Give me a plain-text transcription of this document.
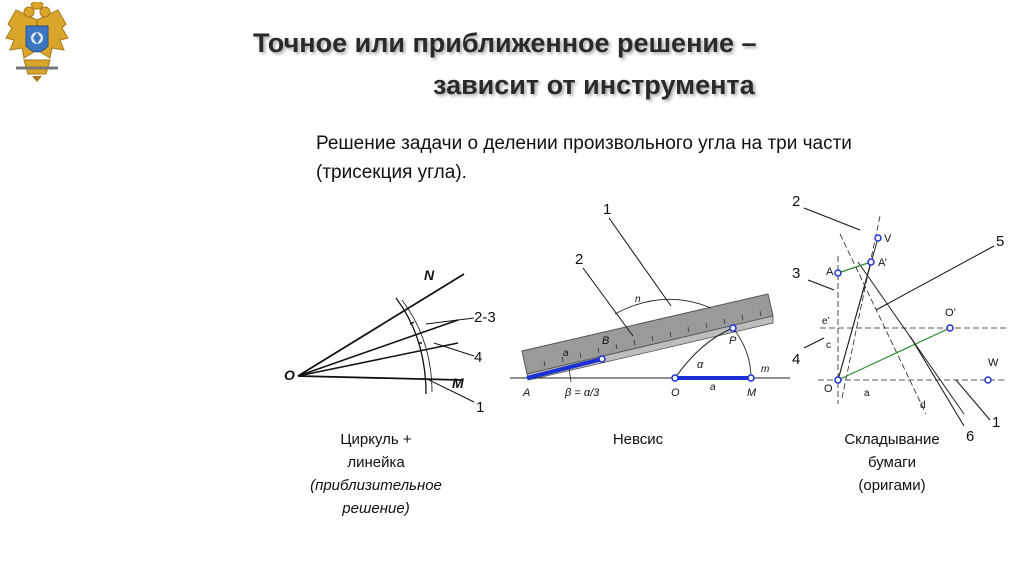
Точное или приближенное решение –
зависит от инструмента
Решение задачи о делении произвольного угла на три части
(трисекция угла).
N
M
O
2-3
4
1
Циркуль +
линейка
(приблизительное
решение)
1
2
A
B
O	M
P
n
m
a
a
α
β = α/3
Невсис
2
3
4
5
6
1
V
A
A’
O’
W
O
e’
c
a
d
Складывание
бумаги
(оригами)
